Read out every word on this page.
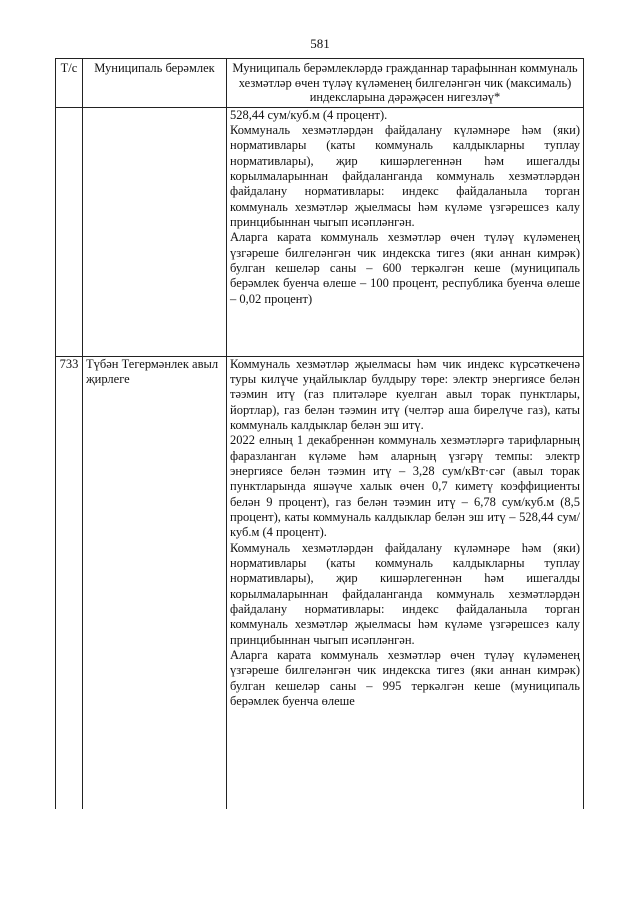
581
Т/с	Муниципаль берәмлек	Муниципаль берәмлекләрдә гражданнар тарафыннан коммуналь хезмәтләр өчен түләү күләменең билгеләнгән чик (максималь) индексларына дәрәҗәсен нигезләү*

		528,44 сум/куб.м (4 процент).

Коммуналь хезмәтләрдән файдалану күләмнәре һәм (яки) нормативлары (каты коммуналь калдыкларны туплау нормативлары), җир кишәрлегеннән һәм ишегалды корылмаларыннан файдаланганда коммуналь хезмәтләрдән файдалану нормативлары: индекс файдаланыла торган коммуналь хезмәтләр җыелмасы һәм күләме үзгәрешсез калу принцибыннан чыгып исәпләнгән.

Аларга карата коммуналь хезмәтләр өчен түләү күләменең үзгәреше билгеләнгән чик индекска тигез (яки аннан кимрәк) булган кешеләр саны – 600 теркәлгән кеше (муниципаль берәмлек буенча өлеше – 100 процент, республика буенча өлеше – 0,02 процент)

733	Түбән Тегермәнлек авыл җирлеге	Коммуналь хезмәтләр җыелмасы һәм чик индекс күрсәткеченә туры килүче уңайлыклар булдыру төре: электр энергиясе белән тәэмин итү (газ плитәләре куелган авыл торак пунктлары, йортлар), газ белән тәэмин итү (челтәр аша бирелүче газ), каты коммуналь калдыклар белән эш итү.

2022 елның 1 декабреннән коммуналь хезмәтләргә тарифларның фаразланган күләме һәм аларның үзгәрү темпы: электр энергиясе белән тәэмин итү – 3,28 сум/кВт·сәг (авыл торак пунктларында яшәүче халык өчен 0,7 киметү коэффициенты белән 9 процент), газ белән тәэмин итү – 6,78 сум/куб.м (8,5 процент), каты коммуналь калдыклар белән эш итү – 528,44 сум/куб.м (4 процент).

Коммуналь хезмәтләрдән файдалану күләмнәре һәм (яки) нормативлары (каты коммуналь калдыкларны туплау нормативлары), җир кишәрлегеннән һәм ишегалды корылмаларыннан файдаланганда коммуналь хезмәтләрдән файдалану нормативлары: индекс файдаланыла торган коммуналь хезмәтләр җыелмасы һәм күләме үзгәрешсез калу принцибыннан чыгып исәпләнгән.

Аларга карата коммуналь хезмәтләр өчен түләү күләменең үзгәреше билгеләнгән чик индекска тигез (яки аннан кимрәк) булган кешеләр саны – 995 теркәлгән кеше (муниципаль берәмлек буенча өлеше
